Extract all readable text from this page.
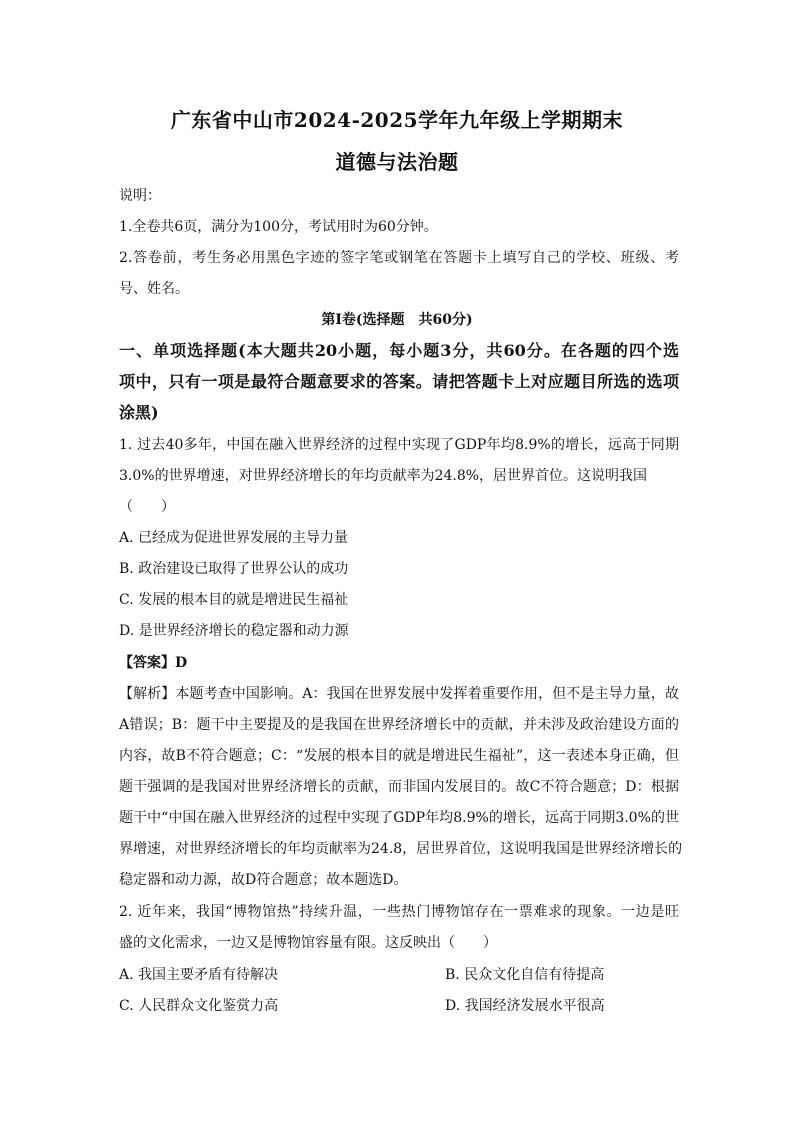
广东省中山市2024-2025学年九年级上学期期末
道德与法治题
说明：
1.全卷共6页，满分为100分，考试用时为60分钟。
2.答卷前，考生务必用黑色字迹的签字笔或钢笔在答题卡上填写自己的学校、班级、考
号、姓名。
第Ⅰ卷(选择题　共60分)
一、单项选择题(本大题共20小题，每小题3分，共60分。在各题的四个选
项中，只有一项是最符合题意要求的答案。请把答题卡上对应题目所选的选项
涂黑)
1. 过去40多年，中国在融入世界经济的过程中实现了GDP年均8.9%的增长，远高于同期
3.0%的世界增速，对世界经济增长的年均贡献率为24.8%，居世界首位。这说明我国
（　　）
A. 已经成为促进世界发展的主导力量
B. 政治建设已取得了世界公认的成功
C. 发展的根本目的就是增进民生福祉
D. 是世界经济增长的稳定器和动力源
【答案】D
【解析】本题考查中国影响。A：我国在世界发展中发挥着重要作用，但不是主导力量，故
A错误；B：题干中主要提及的是我国在世界经济增长中的贡献，并未涉及政治建设方面的
内容，故B不符合题意；C：“发展的根本目的就是增进民生福祉”，这一表述本身正确，但
题干强调的是我国对世界经济增长的贡献，而非国内发展目的。故C不符合题意；D：根据
题干中“中国在融入世界经济的过程中实现了GDP年均8.9%的增长，远高于同期3.0%的世
界增速，对世界经济增长的年均贡献率为24.8，居世界首位，这说明我国是世界经济增长的
稳定器和动力源，故D符合题意；故本题选D。
2. 近年来，我国“博物馆热”持续升温，一些热门博物馆存在一票难求的现象。一边是旺
盛的文化需求，一边又是博物馆容量有限。这反映出（　　）
A. 我国主要矛盾有待解决	B. 民众文化自信有待提高
C. 人民群众文化鉴赏力高	D. 我国经济发展水平很高
